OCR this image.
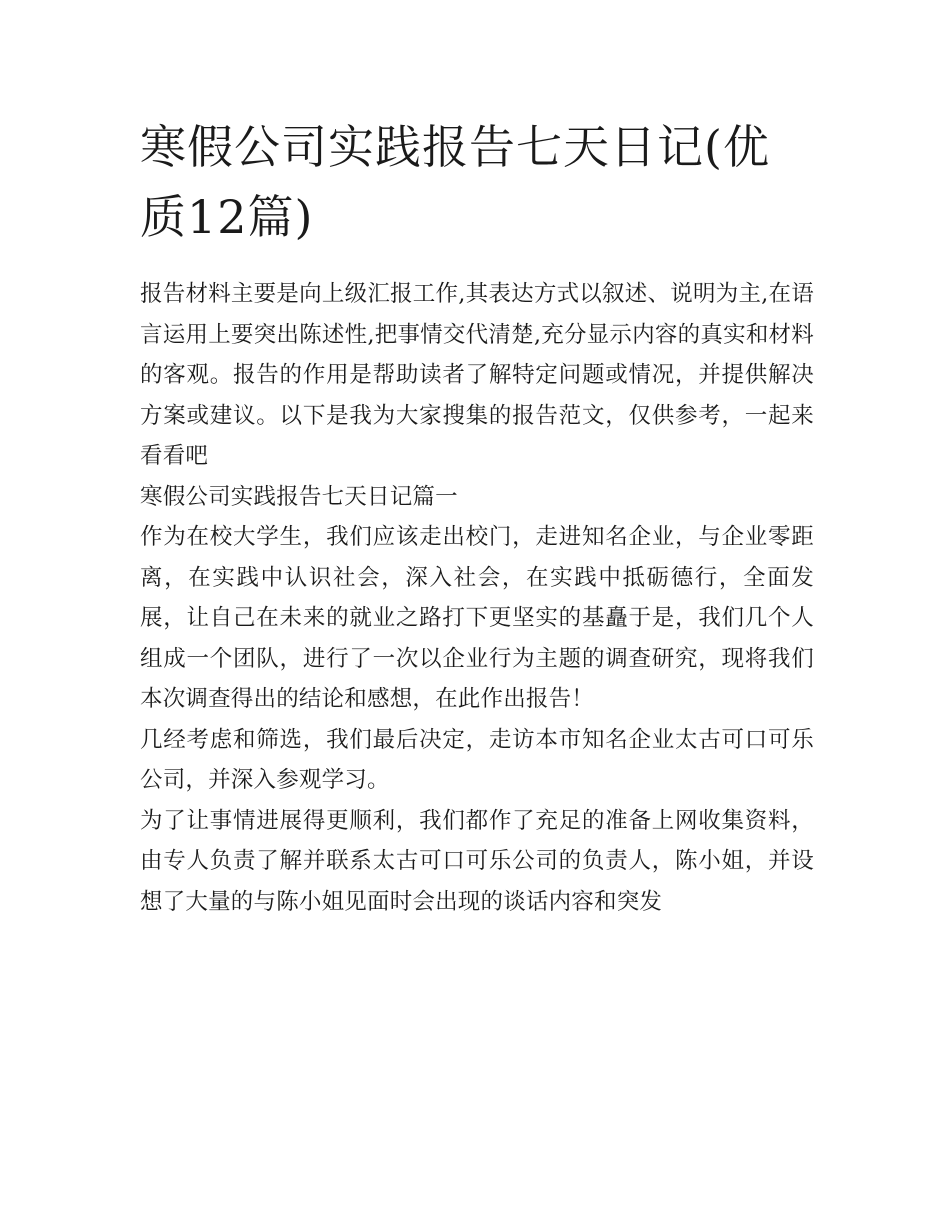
寒假公司实践报告七天日记(优质12篇)

报告材料主要是向上级汇报工作,其表达方式以叙述、说明为主,在语言运用上要突出陈述性,把事情交代清楚,充分显示内容的真实和材料的客观。报告的作用是帮助读者了解特定问题或情况，并提供解决方案或建议。以下是我为大家搜集的报告范文，仅供参考，一起来看看吧

寒假公司实践报告七天日记篇一

作为在校大学生，我们应该走出校门，走进知名企业，与企业零距离，在实践中认识社会，深入社会，在实践中抵砺德行，全面发展，让自己在未来的就业之路打下更坚实的基矗于是，我们几个人组成一个团队，进行了一次以企业行为主题的调查研究，现将我们本次调查得出的结论和感想，在此作出报告！

几经考虑和筛选，我们最后决定，走访本市知名企业太古可口可乐公司，并深入参观学习。

为了让事情进展得更顺利，我们都作了充足的准备上网收集资料，由专人负责了解并联系太古可口可乐公司的负责人，陈小姐，并设想了大量的与陈小姐见面时会出现的谈话内容和突发
